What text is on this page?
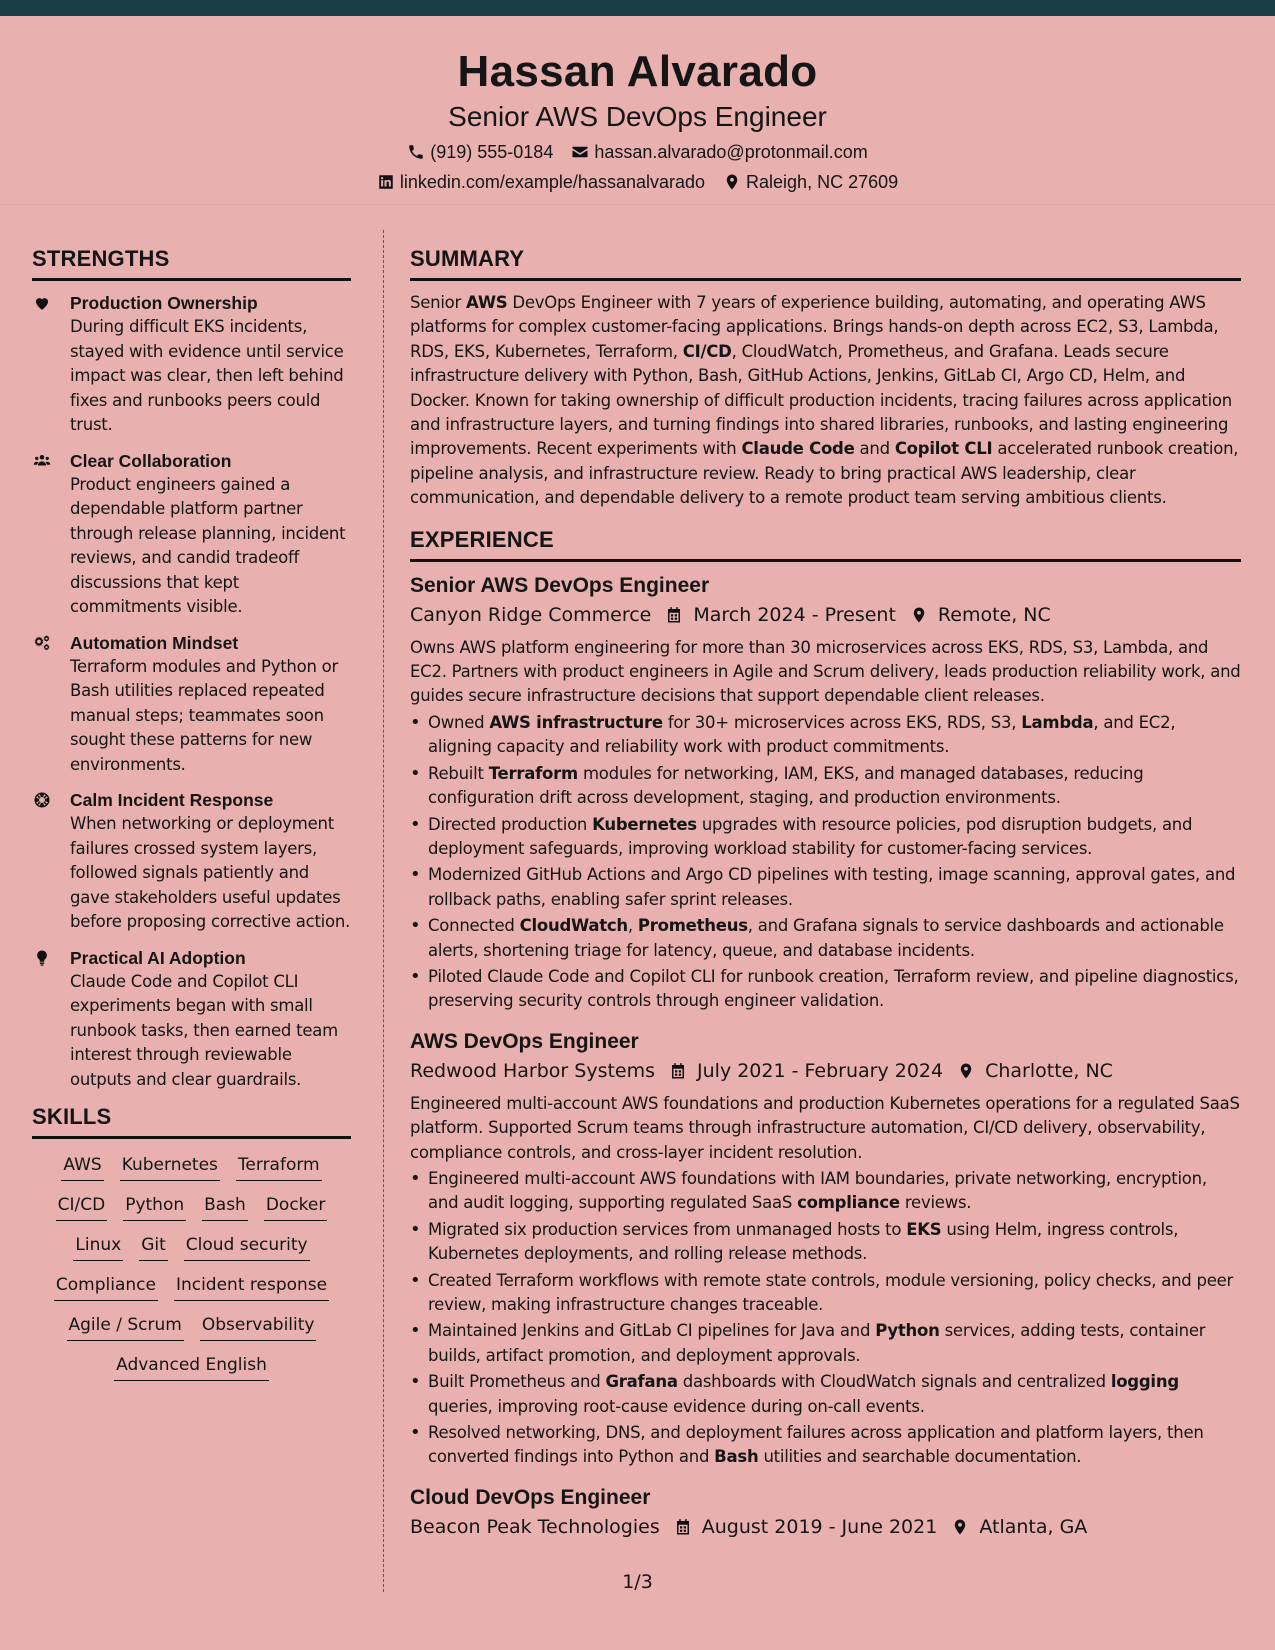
Hassan Alvarado
Senior AWS DevOps Engineer
(919) 555-0184 hassan.alvarado@protonmail.com
linkedin.com/example/hassanalvarado Raleigh, NC 27609
STRENGTHS
Production Ownership
During difficult EKS incidents, stayed with evidence until service impact was clear, then left behind fixes and runbooks peers could trust.
Clear Collaboration
Product engineers gained a dependable platform partner through release planning, incident reviews, and candid tradeoff discussions that kept commitments visible.
Automation Mindset
Terraform modules and Python or Bash utilities replaced repeated manual steps; teammates soon sought these patterns for new environments.
Calm Incident Response
When networking or deployment failures crossed system layers, followed signals patiently and gave stakeholders useful updates before proposing corrective action.
Practical AI Adoption
Claude Code and Copilot CLI experiments began with small runbook tasks, then earned team interest through reviewable outputs and clear guardrails.
SKILLS
AWS Kubernetes Terraform
CI/CD Python Bash Docker
Linux Git Cloud security
Compliance Incident response
Agile / Scrum Observability
Advanced English
SUMMARY

Senior AWS DevOps Engineer with 7 years of experience building, automating, and operating AWS platforms for complex customer-facing applications. Brings hands-on depth across EC2, S3, Lambda, RDS, EKS, Kubernetes, Terraform, CI/CD, CloudWatch, Prometheus, and Grafana. Leads secure infrastructure delivery with Python, Bash, GitHub Actions, Jenkins, GitLab CI, Argo CD, Helm, and Docker. Known for taking ownership of difficult production incidents, tracing failures across application and infrastructure layers, and turning findings into shared libraries, runbooks, and lasting engineering improvements. Recent experiments with Claude Code and Copilot CLI accelerated runbook creation, pipeline analysis, and infrastructure review. Ready to bring practical AWS leadership, clear communication, and dependable delivery to a remote product team serving ambitious clients.

EXPERIENCE
Senior AWS DevOps Engineer
Canyon Ridge Commerce March 2024 - Present Remote, NC

Owns AWS platform engineering for more than 30 microservices across EKS, RDS, S3, Lambda, and EC2. Partners with product engineers in Agile and Scrum delivery, leads production reliability work, and guides secure infrastructure decisions that support dependable client releases.

• Owned AWS infrastructure for 30+ microservices across EKS, RDS, S3, Lambda, and EC2, aligning capacity and reliability work with product commitments.
• Rebuilt Terraform modules for networking, IAM, EKS, and managed databases, reducing configuration drift across development, staging, and production environments.
• Directed production Kubernetes upgrades with resource policies, pod disruption budgets, and deployment safeguards, improving workload stability for customer-facing services.
• Modernized GitHub Actions and Argo CD pipelines with testing, image scanning, approval gates, and rollback paths, enabling safer sprint releases.
• Connected CloudWatch, Prometheus, and Grafana signals to service dashboards and actionable alerts, shortening triage for latency, queue, and database incidents.
• Piloted Claude Code and Copilot CLI for runbook creation, Terraform review, and pipeline diagnostics, preserving security controls through engineer validation.
AWS DevOps Engineer
Redwood Harbor Systems July 2021 - February 2024 Charlotte, NC

Engineered multi-account AWS foundations and production Kubernetes operations for a regulated SaaS platform. Supported Scrum teams through infrastructure automation, CI/CD delivery, observability, compliance controls, and cross-layer incident resolution.

• Engineered multi-account AWS foundations with IAM boundaries, private networking, encryption, and audit logging, supporting regulated SaaS compliance reviews.
• Migrated six production services from unmanaged hosts to EKS using Helm, ingress controls, Kubernetes deployments, and rolling release methods.
• Created Terraform workflows with remote state controls, module versioning, policy checks, and peer review, making infrastructure changes traceable.
• Maintained Jenkins and GitLab CI pipelines for Java and Python services, adding tests, container builds, artifact promotion, and deployment approvals.
• Built Prometheus and Grafana dashboards with CloudWatch signals and centralized logging queries, improving root-cause evidence during on-call events.
• Resolved networking, DNS, and deployment failures across application and platform layers, then converted findings into Python and Bash utilities and searchable documentation.
Cloud DevOps Engineer
Beacon Peak Technologies August 2019 - June 2021 Atlanta, GA
1/3
